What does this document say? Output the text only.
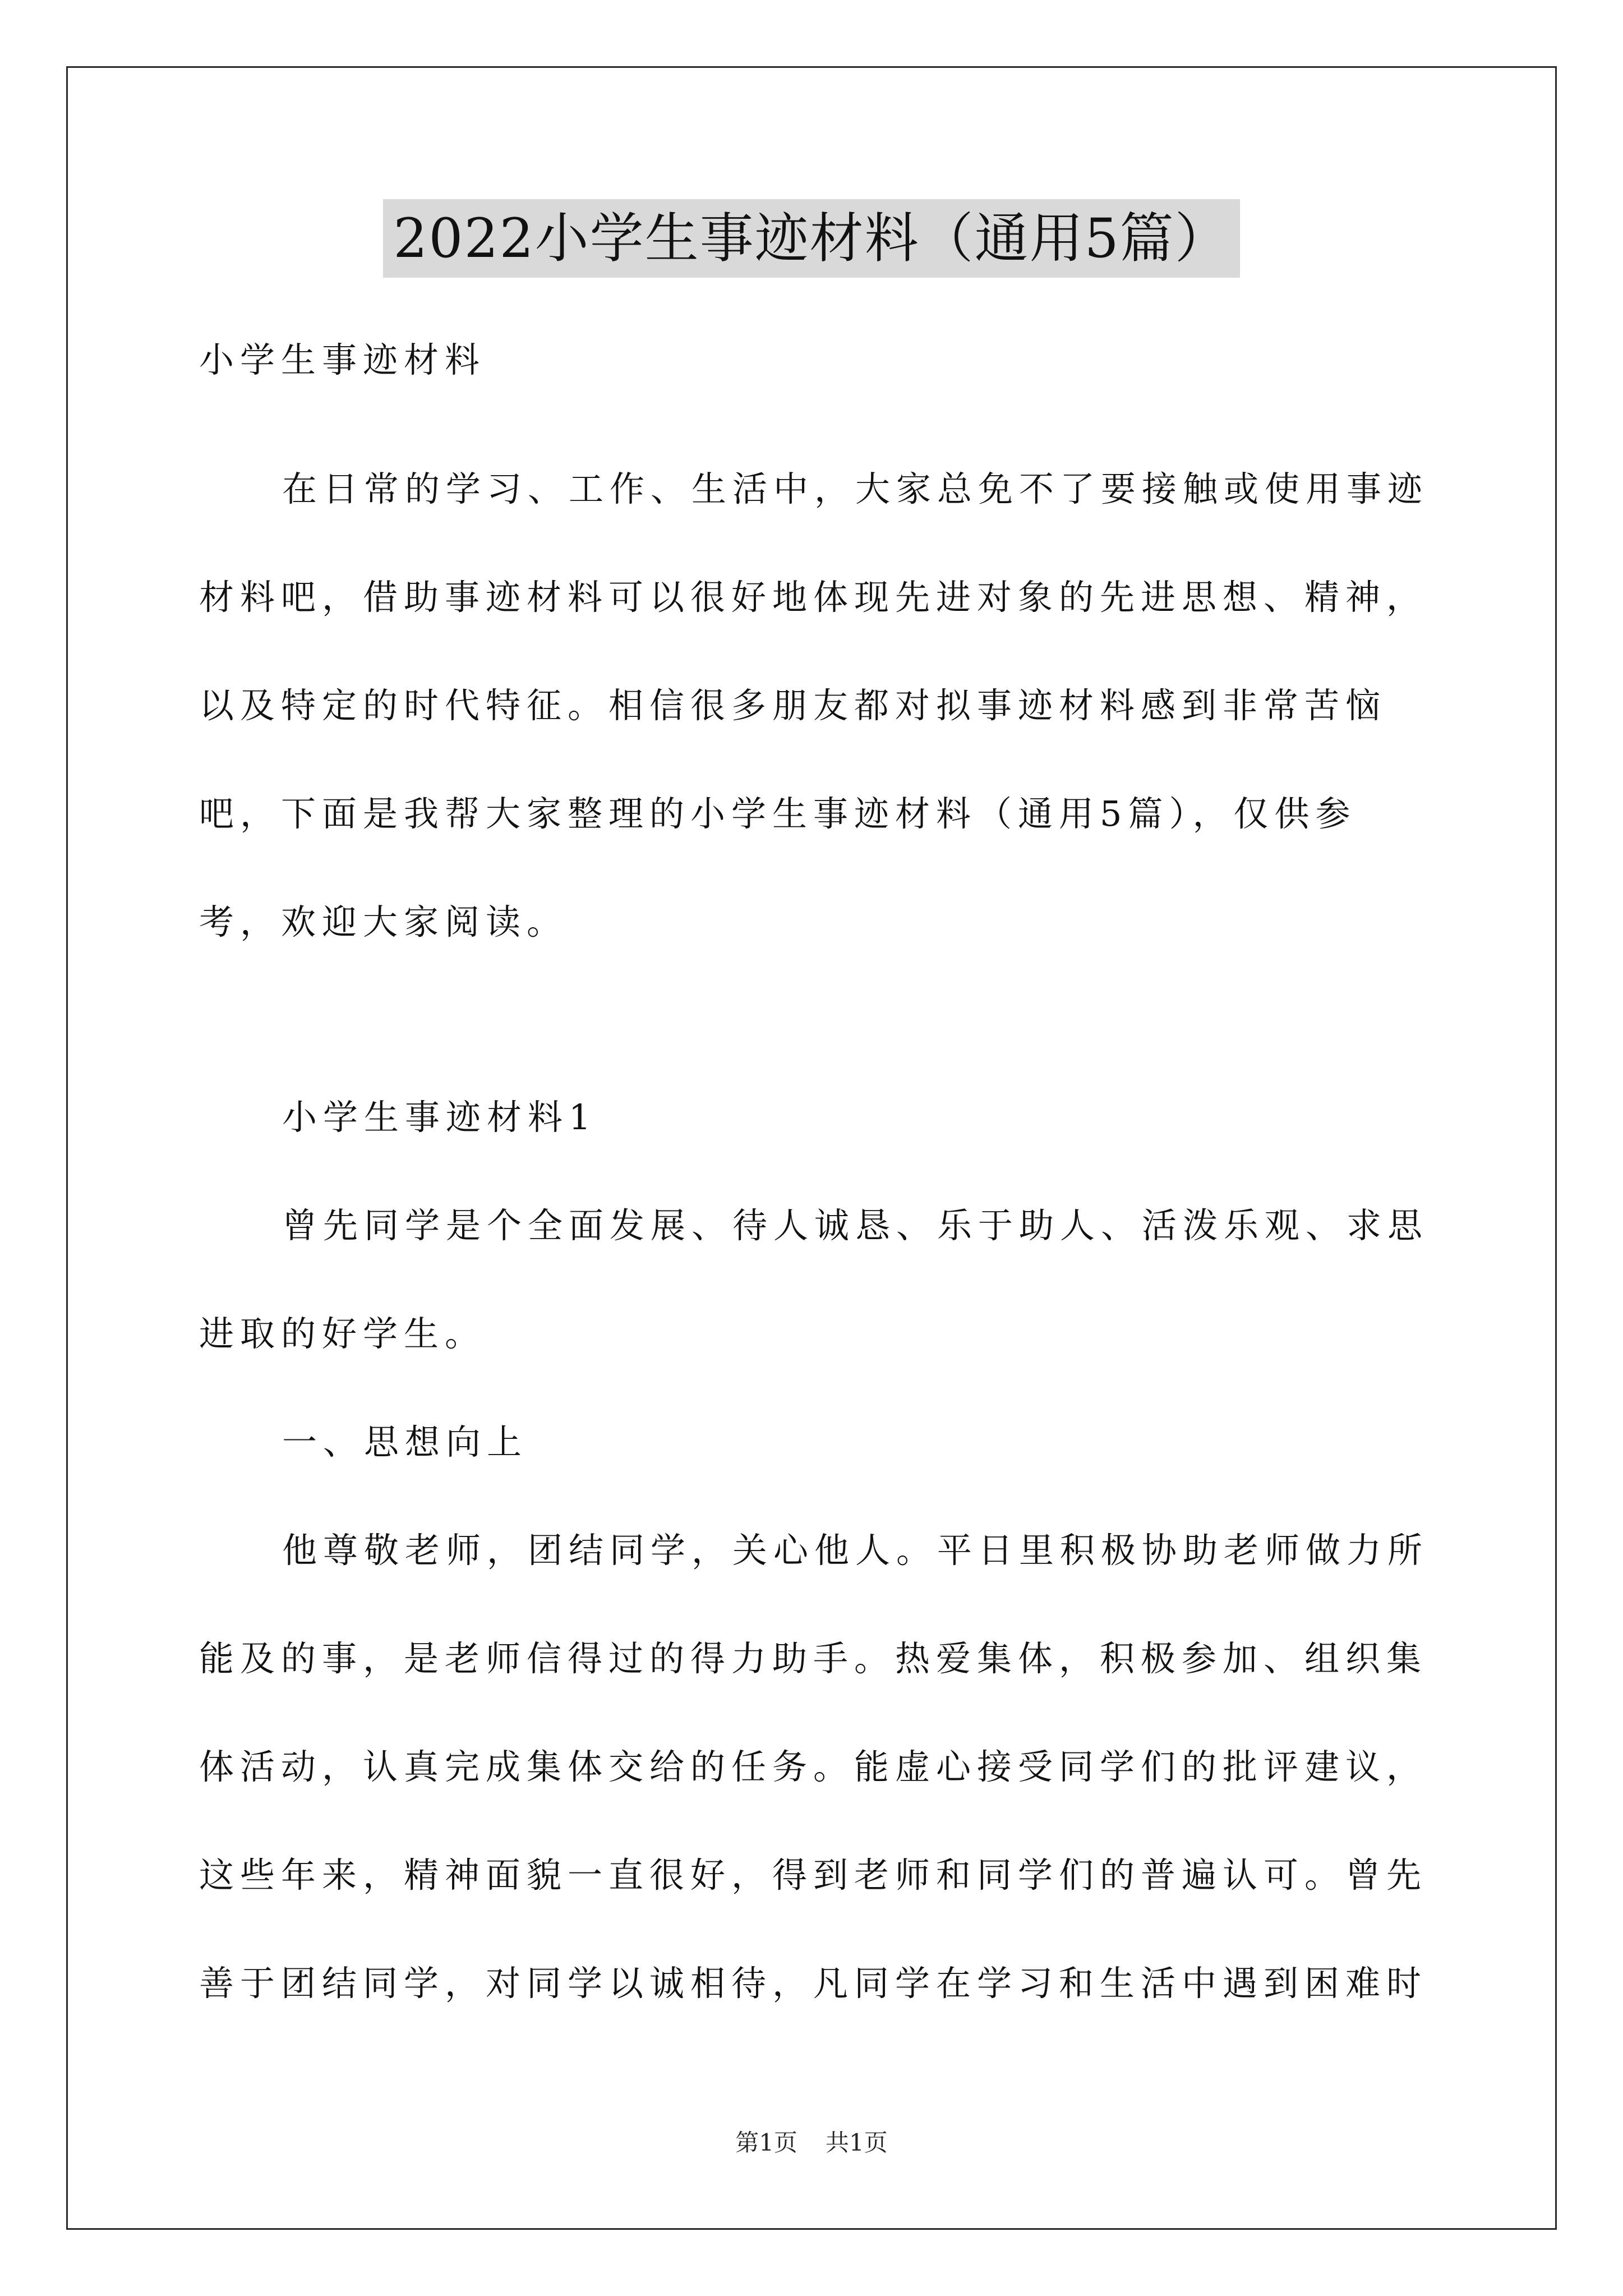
2022小学生事迹材料（通用5篇）

小学生事迹材料

在日常的学习、工作、生活中，大家总免不了要接触或使用事迹材料吧，借助事迹材料可以很好地体现先进对象的先进思想、精神，以及特定的时代特征。相信很多朋友都对拟事迹材料感到非常苦恼吧，下面是我帮大家整理的小学生事迹材料（通用5篇），仅供参考，欢迎大家阅读。

小学生事迹材料1

曾先同学是个全面发展、待人诚恳、乐于助人、活泼乐观、求思进取的好学生。

一、思想向上

他尊敬老师，团结同学，关心他人。平日里积极协助老师做力所能及的事，是老师信得过的得力助手。热爱集体，积极参加、组织集体活动，认真完成集体交给的任务。能虚心接受同学们的批评建议，这些年来，精神面貌一直很好，得到老师和同学们的普遍认可。曾先善于团结同学，对同学以诚相待，凡同学在学习和生活中遇到困难时

第1页 共1页
